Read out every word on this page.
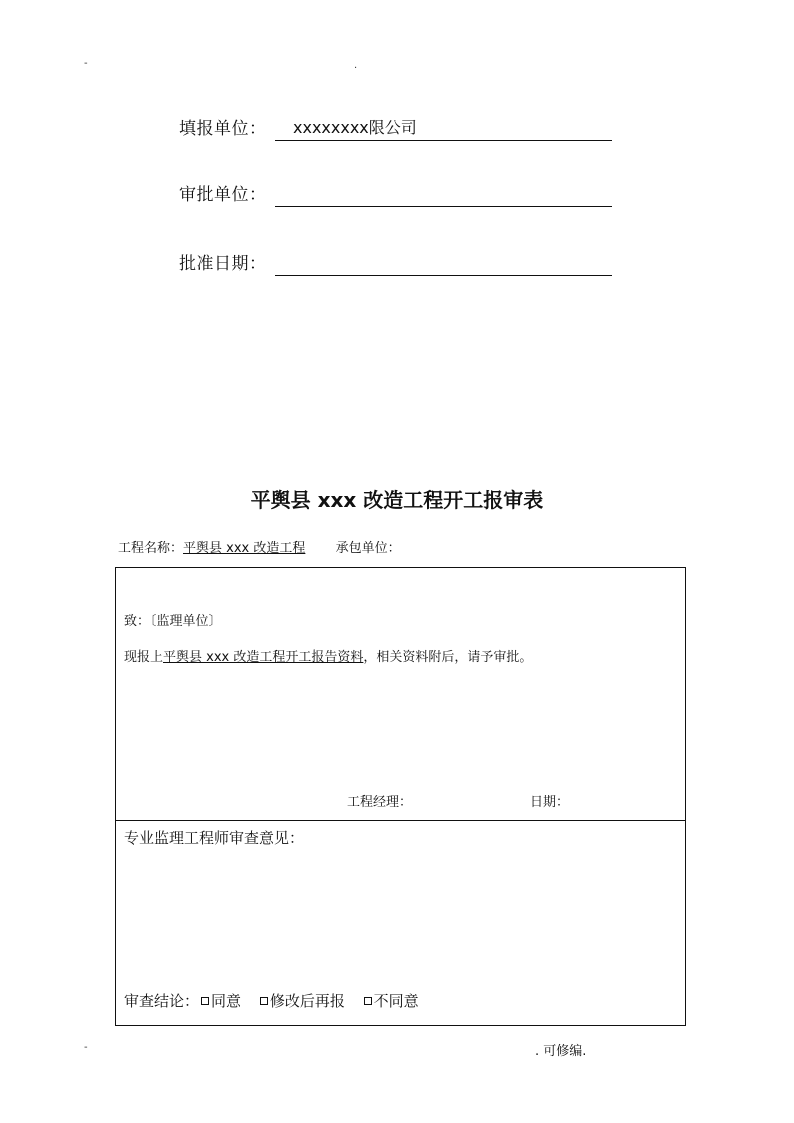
-	.
填报单位： xxxxxxxx限公司
审批单位：
批准日期：
平舆县 xxx 改造工程开工报审表
工程名称：平舆县 xxx 改造工程 承包单位：
致：〔监理单位〕
现报上平舆县 xxx 改造工程开工报告资料，相关资料附后，请予审批。
工程经理：	日期：
专业监理工程师审查意见：
审查结论： 同意 修改后再报 不同意
-	. 可修编.
